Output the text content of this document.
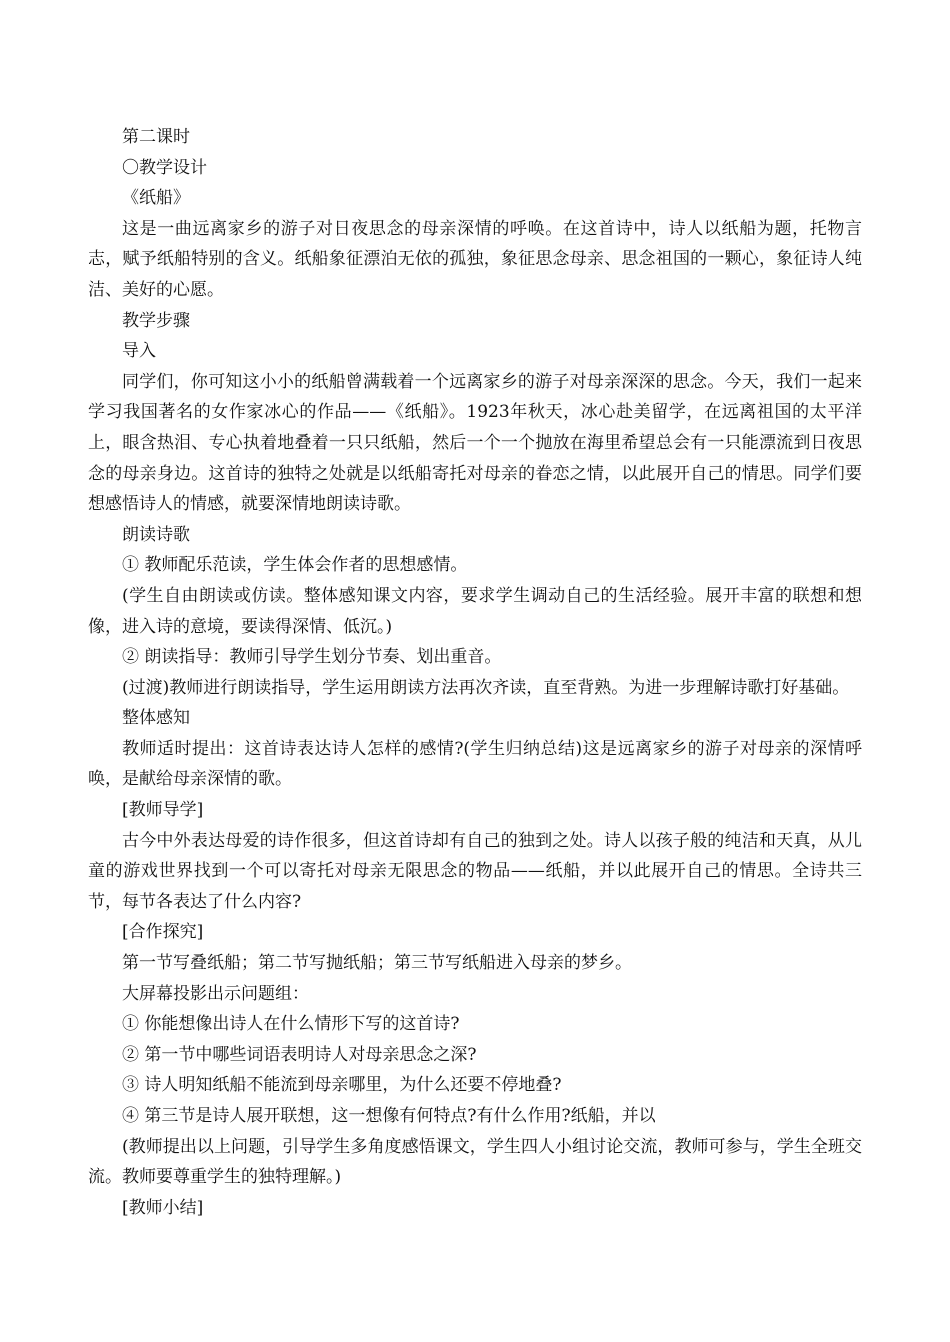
第二课时

〇教学设计

《纸船》

这是一曲远离家乡的游子对日夜思念的母亲深情的呼唤。在这首诗中，诗人以纸船为题，托物言志，赋予纸船特别的含义。纸船象征漂泊无依的孤独，象征思念母亲、思念祖国的一颗心，象征诗人纯洁、美好的心愿。

教学步骤

导入

同学们，你可知这小小的纸船曾满载着一个远离家乡的游子对母亲深深的思念。今天，我们一起来学习我国著名的女作家冰心的作品——《纸船》。1923年秋天，冰心赴美留学，在远离祖国的太平洋上，眼含热泪、专心执着地叠着一只只纸船，然后一个一个抛放在海里希望总会有一只能漂流到日夜思念的母亲身边。这首诗的独特之处就是以纸船寄托对母亲的眷恋之情，以此展开自己的情思。同学们要想感悟诗人的情感，就要深情地朗读诗歌。

朗读诗歌

① 教师配乐范读，学生体会作者的思想感情。

(学生自由朗读或仿读。整体感知课文内容，要求学生调动自己的生活经验。展开丰富的联想和想像，进入诗的意境，要读得深情、低沉。)

② 朗读指导：教师引导学生划分节奏、划出重音。

(过渡)教师进行朗读指导，学生运用朗读方法再次齐读，直至背熟。为进一步理解诗歌打好基础。

整体感知

教师适时提出：这首诗表达诗人怎样的感情?(学生归纳总结)这是远离家乡的游子对母亲的深情呼唤，是献给母亲深情的歌。

[教师导学]

古今中外表达母爱的诗作很多，但这首诗却有自己的独到之处。诗人以孩子般的纯洁和天真，从儿童的游戏世界找到一个可以寄托对母亲无限思念的物品——纸船，并以此展开自己的情思。全诗共三节，每节各表达了什么内容?

[合作探究]

第一节写叠纸船；第二节写抛纸船；第三节写纸船进入母亲的梦乡。

大屏幕投影出示问题组：

① 你能想像出诗人在什么情形下写的这首诗?

② 第一节中哪些词语表明诗人对母亲思念之深?

③ 诗人明知纸船不能流到母亲哪里，为什么还要不停地叠?

④ 第三节是诗人展开联想，这一想像有何特点?有什么作用?纸船，并以

(教师提出以上问题，引导学生多角度感悟课文，学生四人小组讨论交流，教师可参与，学生全班交流。教师要尊重学生的独特理解。)

[教师小结]
